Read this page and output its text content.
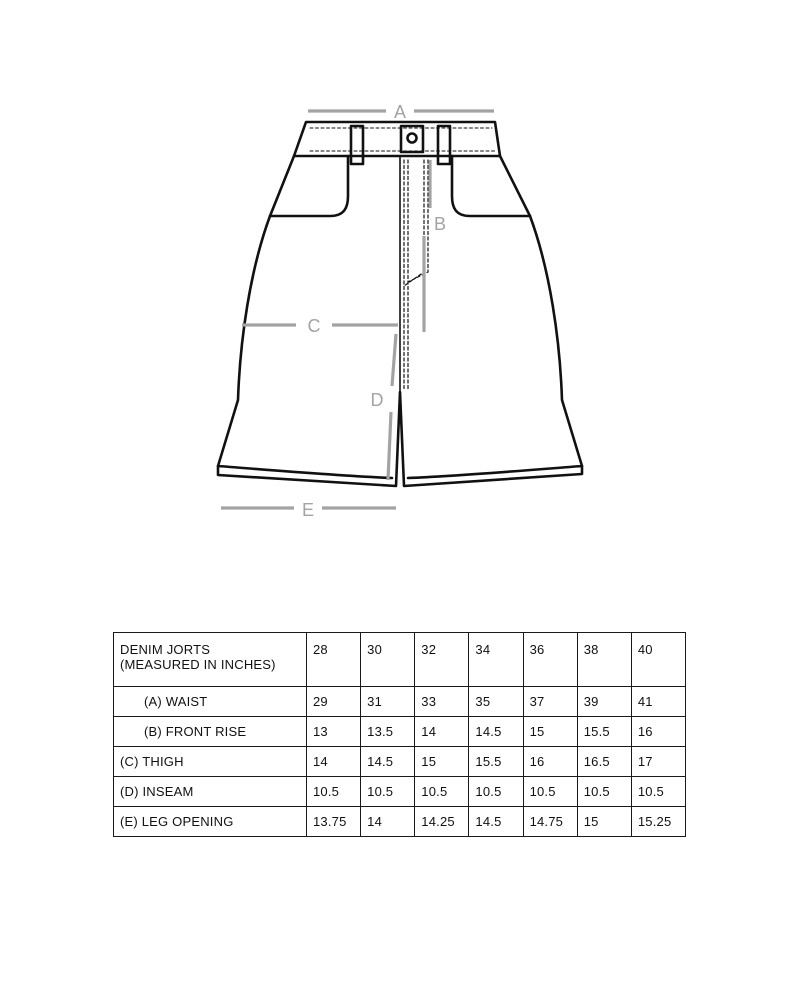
A
B
C
D
E
DENIM JORTS
(MEASURED IN INCHES)	28	30	32	34	36	38	40
(A) WAIST	29	31	33	35	37	39	41
(B) FRONT RISE	13	13.5	14	14.5	15	15.5	16
(C) THIGH	14	14.5	15	15.5	16	16.5	17
(D) INSEAM	10.5	10.5	10.5	10.5	10.5	10.5	10.5
(E) LEG OPENING	13.75	14	14.25	14.5	14.75	15	15.25
